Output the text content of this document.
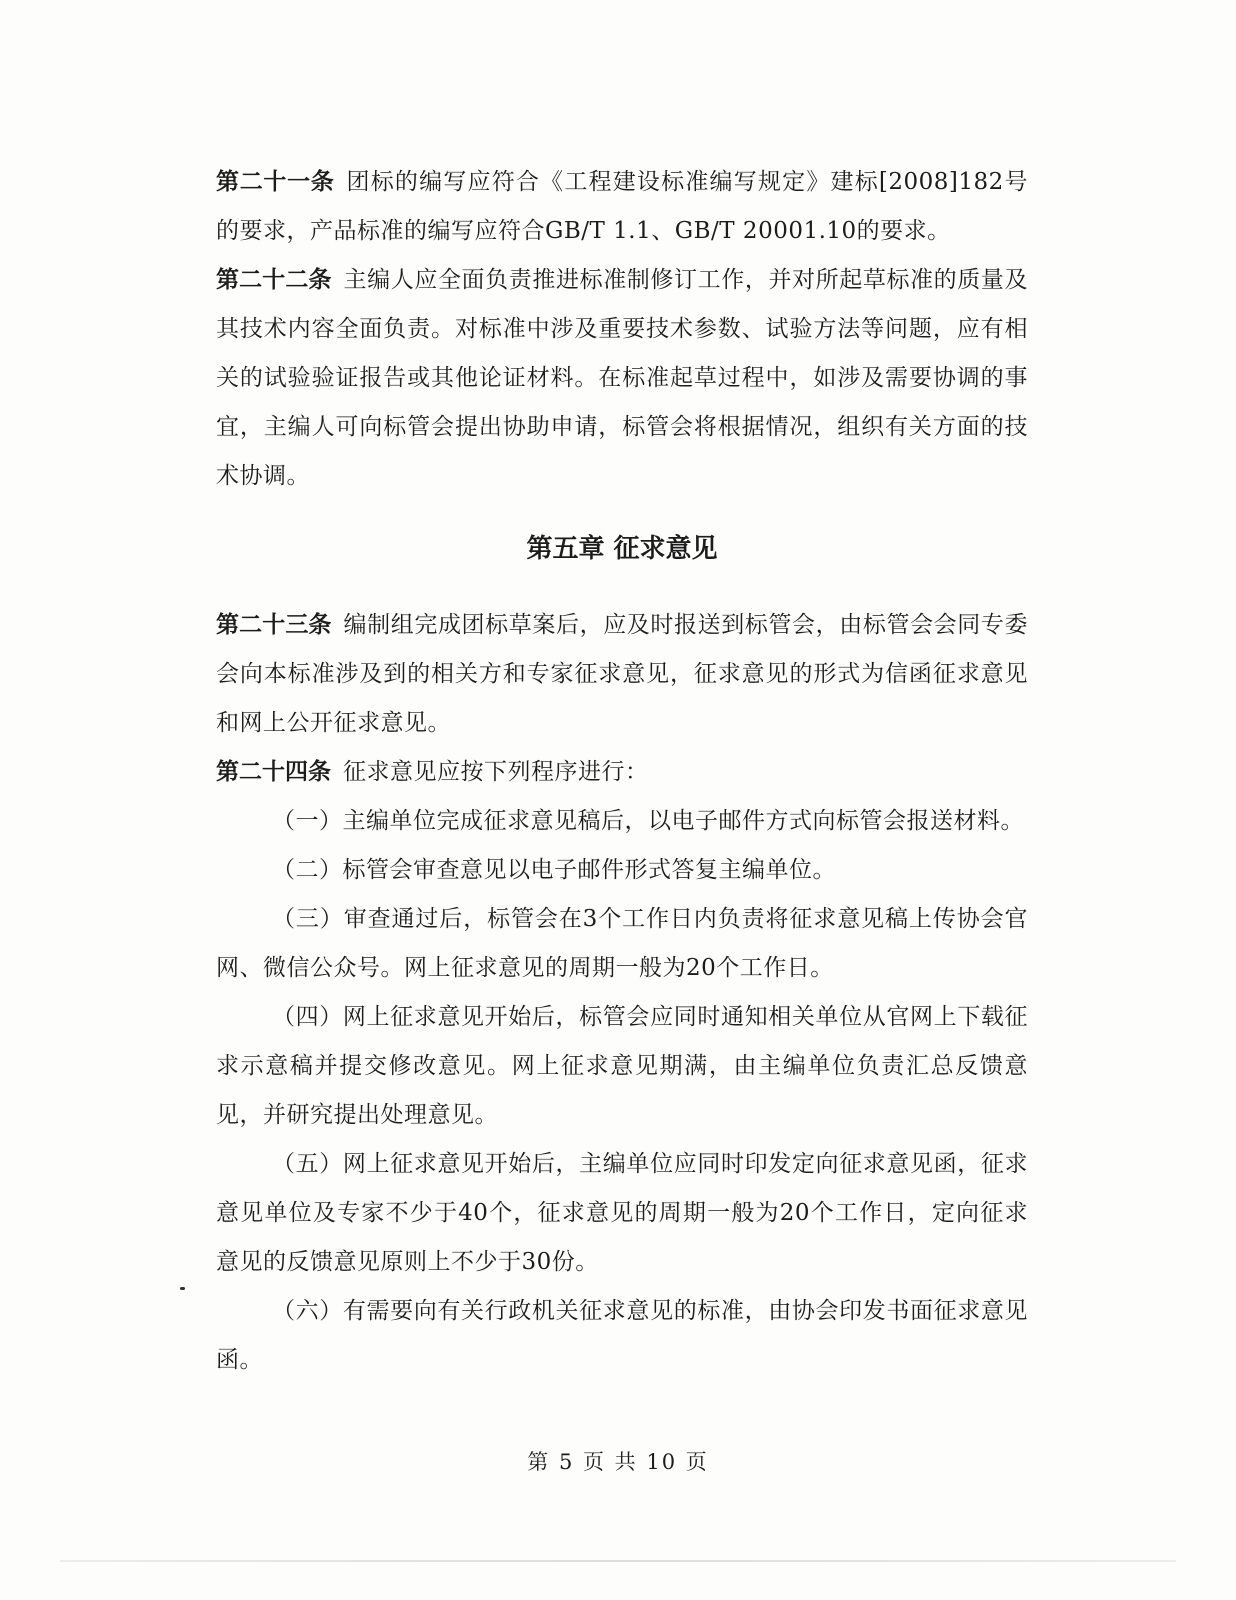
第二十一条 团标的编写应符合《工程建设标准编写规定》建标[2008]182号的要求，产品标准的编写应符合GB/T 1.1、GB/T 20001.10的要求。

第二十二条 主编人应全面负责推进标准制修订工作，并对所起草标准的质量及其技术内容全面负责。对标准中涉及重要技术参数、试验方法等问题，应有相关的试验验证报告或其他论证材料。在标准起草过程中，如涉及需要协调的事宜，主编人可向标管会提出协助申请，标管会将根据情况，组织有关方面的技术协调。

第五章 征求意见

第二十三条 编制组完成团标草案后，应及时报送到标管会，由标管会会同专委会向本标准涉及到的相关方和专家征求意见，征求意见的形式为信函征求意见和网上公开征求意见。

第二十四条 征求意见应按下列程序进行：

（一）主编单位完成征求意见稿后，以电子邮件方式向标管会报送材料。

（二）标管会审查意见以电子邮件形式答复主编单位。

（三）审查通过后，标管会在3个工作日内负责将征求意见稿上传协会官网、微信公众号。网上征求意见的周期一般为20个工作日。

（四）网上征求意见开始后，标管会应同时通知相关单位从官网上下载征求示意稿并提交修改意见。网上征求意见期满，由主编单位负责汇总反馈意见，并研究提出处理意见。

（五）网上征求意见开始后，主编单位应同时印发定向征求意见函，征求意见单位及专家不少于40个，征求意见的周期一般为20个工作日，定向征求意见的反馈意见原则上不少于30份。

（六）有需要向有关行政机关征求意见的标准，由协会印发书面征求意见函。

第 5 页 共 10 页
